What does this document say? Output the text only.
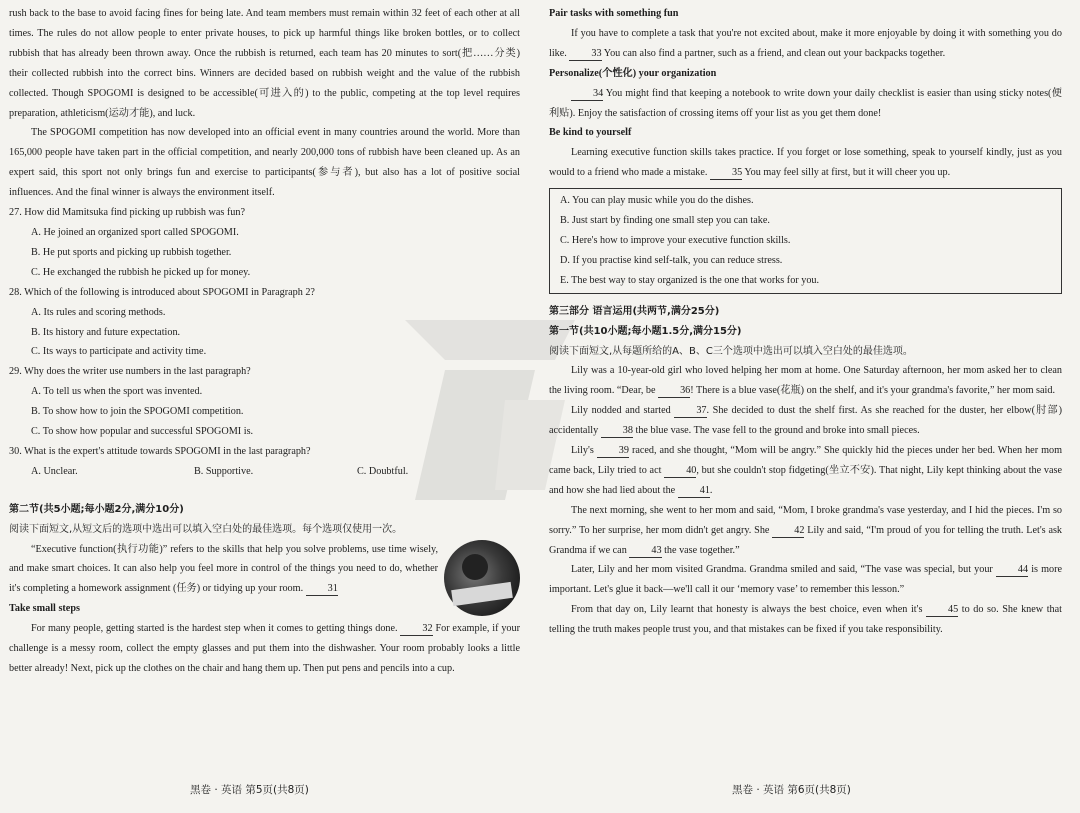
rush back to the base to avoid facing fines for being late. And team members must remain within 32 feet of each other at all times. The rules do not allow people to enter private houses, to pick up harmful things like broken bottles, or to collect rubbish that has already been thrown away. Once the rubbish is returned, each team has 20 minutes to sort(把……分类) their collected rubbish into the correct bins. Winners are decided based on rubbish weight and the value of the rubbish collected. Though SPOGOMI is designed to be accessible(可进入的) to the public, competing at the top level requires preparation, athleticism(运动才能), and luck.

The SPOGOMI competition has now developed into an official event in many countries around the world. More than 165,000 people have taken part in the official competition, and nearly 200,000 tons of rubbish have been cleaned up. As an expert said, this sport not only brings fun and exercise to participants(参与者), but also has a lot of positive social influences. And the final winner is always the environment itself.

27. How did Mamitsuka find picking up rubbish was fun?

A. He joined an organized sport called SPOGOMI.

B. He put sports and picking up rubbish together.

C. He exchanged the rubbish he picked up for money.

28. Which of the following is introduced about SPOGOMI in Paragraph 2?

A. Its rules and scoring methods.

B. Its history and future expectation.

C. Its ways to participate and activity time.

29. Why does the writer use numbers in the last paragraph?

A. To tell us when the sport was invented.

B. To show how to join the SPOGOMI competition.

C. To show how popular and successful SPOGOMI is.

30. What is the expert's attitude towards SPOGOMI in the last paragraph?

A. Unclear.	B. Supportive.	C. Doubtful.

第二节(共5小题;每小题2分,满分10分)

阅读下面短文,从短文后的选项中选出可以填入空白处的最佳选项。每个选项仅使用一次。

“Executive function(执行功能)” refers to the skills that help you solve problems, use time wisely, and make smart choices. It can also help you feel more in control of the things you need to do, whether it's completing a homework assignment (任务) or tidying up your room. 31

Take small steps

For many people, getting started is the hardest step when it comes to getting things done. 32 For example, if your challenge is a messy room, collect the empty glasses and put them into the dishwasher. Your room probably looks a little better already! Next, pick up the clothes on the chair and hang them up. Then put pens and pencils into a cup.

Pair tasks with something fun

If you have to complete a task that you're not excited about, make it more enjoyable by doing it with something you do like. 33 You can also find a partner, such as a friend, and clean out your backpacks together.

Personalize(个性化) your organization

34 You might find that keeping a notebook to write down your daily checklist is easier than using sticky notes(便利贴). Enjoy the satisfaction of crossing items off your list as you get them done!

Be kind to yourself

Learning executive function skills takes practice. If you forget or lose something, speak to yourself kindly, just as you would to a friend who made a mistake. 35 You may feel silly at first, but it will cheer you up.

A. You can play music while you do the dishes.

B. Just start by finding one small step you can take.

C. Here's how to improve your executive function skills.

D. If you practise kind self-talk, you can reduce stress.

E. The best way to stay organized is the one that works for you.

第三部分 语言运用(共两节,满分25分)

第一节(共10小题;每小题1.5分,满分15分)

阅读下面短文,从每题所给的A、B、C三个选项中选出可以填入空白处的最佳选项。

Lily was a 10-year-old girl who loved helping her mom at home. One Saturday afternoon, her mom asked her to clean the living room. “Dear, be 36! There is a blue vase(花瓶) on the shelf, and it's your grandma's favorite,” her mom said.

Lily nodded and started	37. She decided to dust the shelf first. As she reached for the duster, her elbow(肘部) accidentally 38 the blue vase. The vase fell to the ground and broke into small pieces.

Lily's 39 raced, and she thought, “Mom will be angry.” She quickly hid the pieces under her bed. When her mom came back, Lily tried to act 40, but she couldn't stop fidgeting(坐立不安). That night, Lily kept thinking about the vase and how she had lied about the 41.

The next morning, she went to her mom and said, “Mom, I broke grandma's vase yesterday, and I hid the pieces. I'm so sorry.” To her surprise, her mom didn't get angry. She 42 Lily and said, “I'm proud of you for telling the truth. Let's ask Grandma if we can 43 the vase together.”

Later, Lily and her mom visited Grandma. Grandma smiled and said, “The vase was special, but your 44 is more important. Let's glue it back—we'll call it our ‘memory vase’ to remember this lesson.”

From that day on, Lily learnt that honesty is always the best choice, even when it's	45 to do so. She knew that telling the truth makes people trust you, and that mistakes can be fixed if you take responsibility.

黑卷 · 英语 第5页(共8页)	黑卷 · 英语 第6页(共8页)
